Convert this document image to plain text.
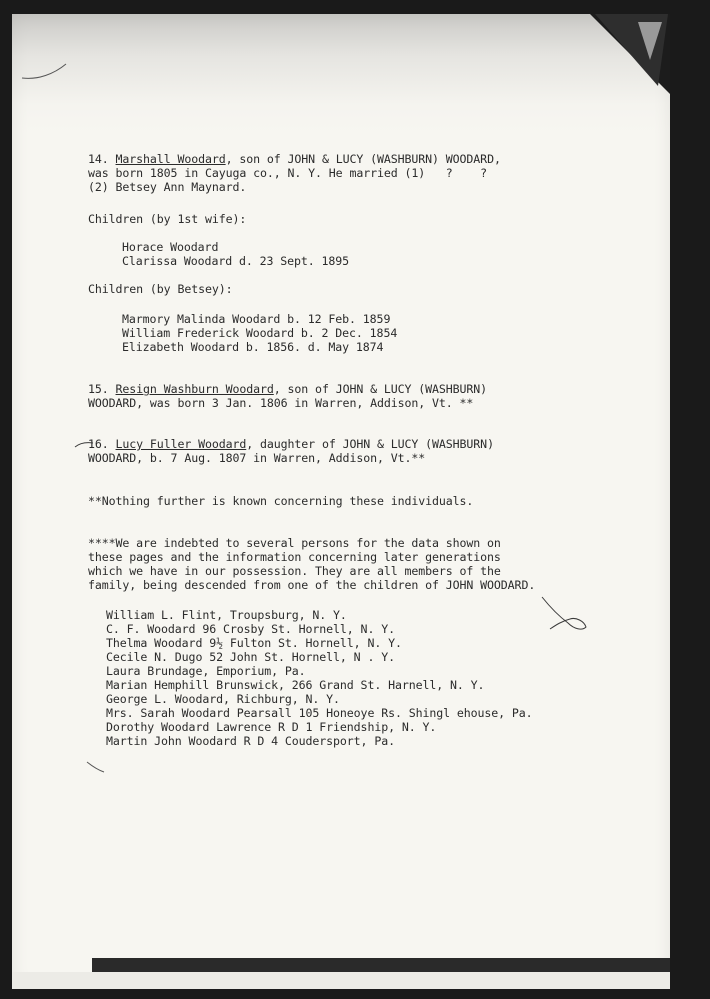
14. Marshall Woodard, son of JOHN & LUCY (WASHBURN) WOODARD,
was born 1805 in Cayuga co., N. Y. He married (1)   ?    ?
(2) Betsey Ann Maynard.
Children (by 1st wife):
Horace Woodard
Clarissa Woodard d. 23 Sept. 1895
Children (by Betsey):
Marmory Malinda Woodard b. 12 Feb. 1859
William Frederick Woodard b. 2 Dec. 1854
Elizabeth Woodard b. 1856. d. May 1874
15. Resign Washburn Woodard, son of JOHN & LUCY (WASHBURN)
WOODARD, was born 3 Jan. 1806 in Warren, Addison, Vt. **
16. Lucy Fuller Woodard, daughter of JOHN & LUCY (WASHBURN)
WOODARD, b. 7 Aug. 1807 in Warren, Addison, Vt.**
**Nothing further is known concerning these individuals.
****We are indebted to several persons for the data shown on
these pages and the information concerning later generations
which we have in our possession. They are all members of the
family, being descended from one of the children of JOHN WOODARD.
William L. Flint, Troupsburg, N. Y.
C. F. Woodard 96 Crosby St. Hornell, N. Y.
Thelma Woodard 9½ Fulton St. Hornell, N. Y.
Cecile N. Dugo 52 John St. Hornell, N . Y.
Laura Brundage, Emporium, Pa.
Marian Hemphill Brunswick, 266 Grand St. Harnell, N. Y.
George L. Woodard, Richburg, N. Y.
Mrs. Sarah Woodard Pearsall 105 Honeoye Rs. Shingl ehouse, Pa.
Dorothy Woodard Lawrence R D 1 Friendship, N. Y.
Martin John Woodard R D 4 Coudersport, Pa.
